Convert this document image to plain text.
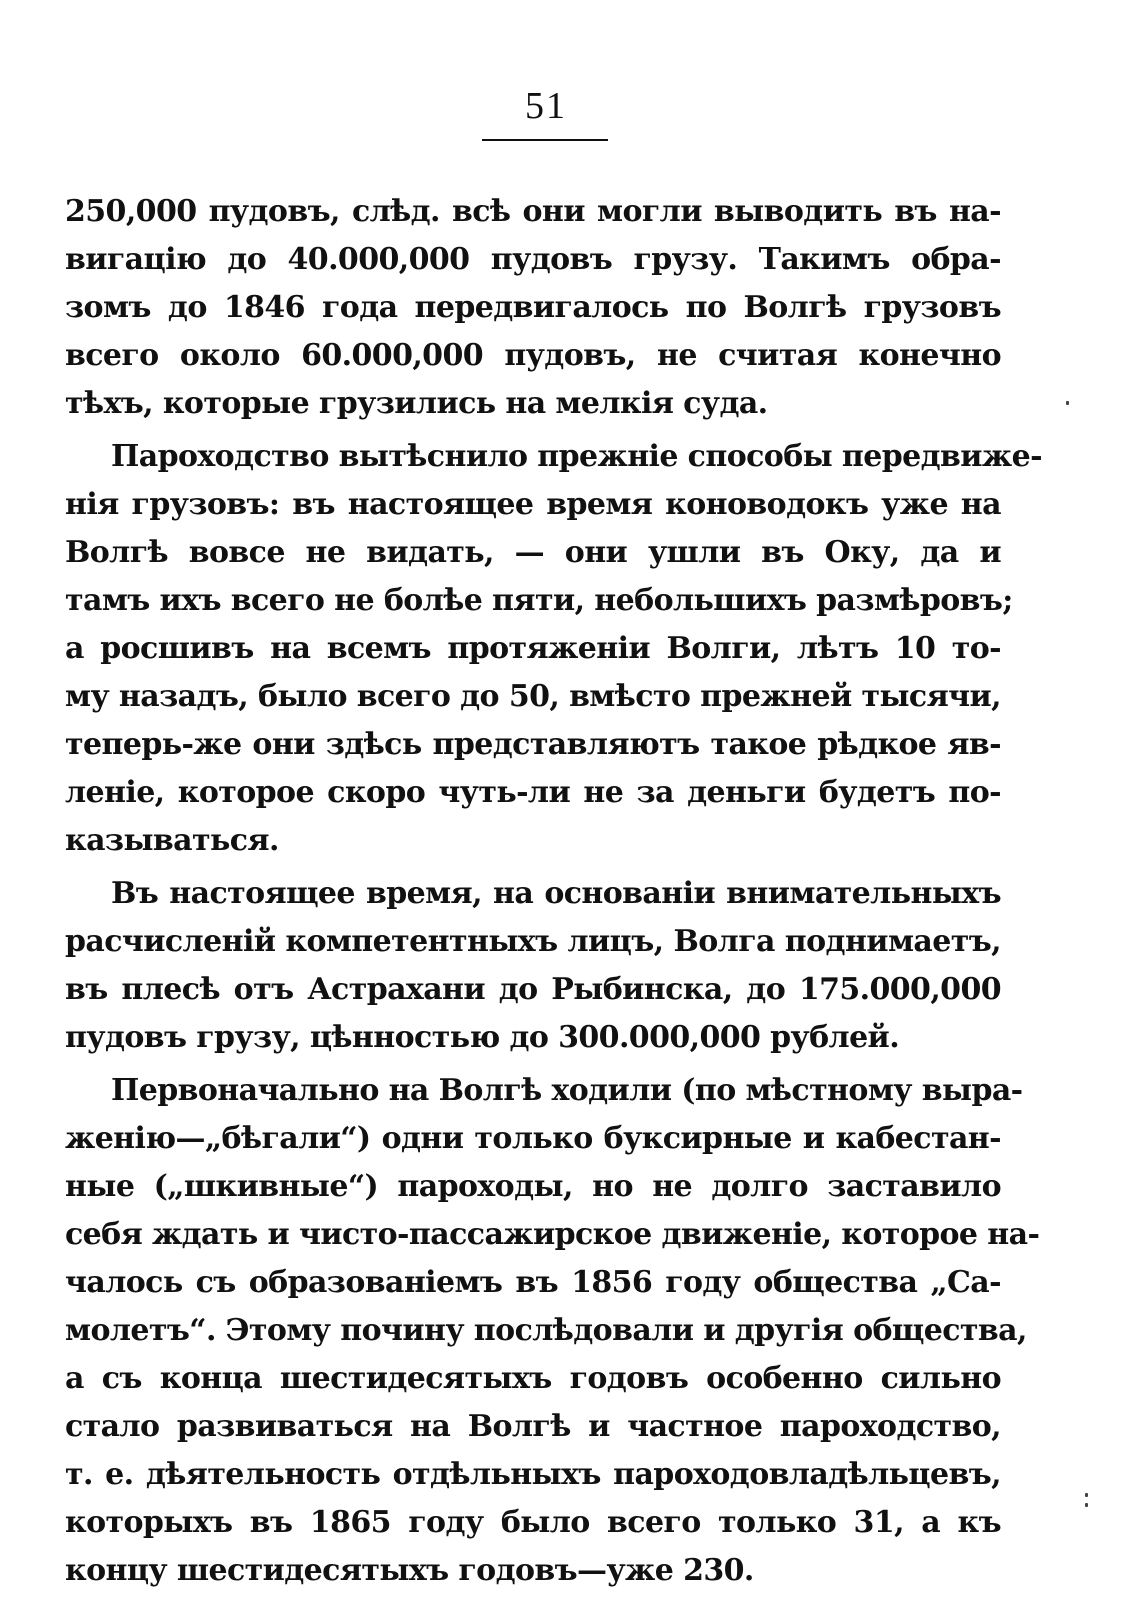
51
250,000 пудовъ, слѣд. всѣ они могли выводить въ на-
вигацію до 40.000,000 пудовъ грузу. Такимъ обра-
зомъ до 1846 года передвигалось по Волгѣ грузовъ
всего около 60.000,000 пудовъ, не считая конечно
тѣхъ, которые грузились на мелкія суда.
Пароходство вытѣснило прежніе способы передвиже-
нія грузовъ: въ настоящее время коноводокъ уже на
Волгѣ вовсе не видать, — они ушли въ Оку, да и
тамъ ихъ всего не болѣе пяти, небольшихъ размѣровъ;
а росшивъ на всемъ протяженіи Волги, лѣтъ 10 то-
му назадъ, было всего до 50, вмѣсто прежней тысячи,
теперь-же они здѣсь представляютъ такое рѣдкое яв-
леніе, которое скоро чуть-ли не за деньги будетъ по-
казываться.
Въ настоящее время, на основаніи внимательныхъ
расчисленій компетентныхъ лицъ, Волга поднимаетъ,
въ плесѣ отъ Астрахани до Рыбинска, до 175.000,000
пудовъ грузу, цѣнностью до 300.000,000 рублей.
Первоначально на Волгѣ ходили (по мѣстному выра-
женію—„бѣгали“) одни только буксирные и кабестан-
ные („шкивные“) пароходы, но не долго заставило
себя ждать и чисто-пассажирское движеніе, которое на-
чалось съ образованіемъ въ 1856 году общества „Са-
молетъ“. Этому почину послѣдовали и другія общества,
а съ конца шестидесятыхъ годовъ особенно сильно
стало развиваться на Волгѣ и частное пароходство,
т. е. дѣятельность отдѣльныхъ пароходовладѣльцевъ,
которыхъ въ 1865 году было всего только 31, а къ
концу шестидесятыхъ годовъ—уже 230.
